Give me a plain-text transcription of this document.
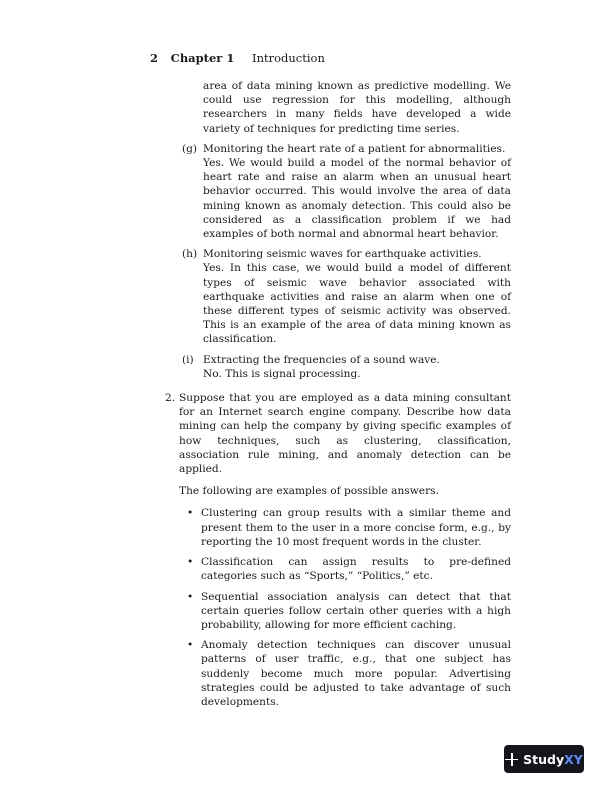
2 Chapter 1 Introduction

area of data mining known as predictive modelling. We could use regression for this modelling, although researchers in many fields have developed a wide variety of techniques for predicting time series.

(g) Monitoring the heart rate of a patient for abnormalities.

Yes. We would build a model of the normal behavior of heart rate and raise an alarm when an unusual heart behavior occurred. This would involve the area of data mining known as anomaly detection. This could also be considered as a classification problem if we had examples of both normal and abnormal heart behavior.

(h) Monitoring seismic waves for earthquake activities.

Yes. In this case, we would build a model of different types of seismic wave behavior associated with earthquake activities and raise an alarm when one of these different types of seismic activity was observed. This is an example of the area of data mining known as classification.

(i) Extracting the frequencies of a sound wave.

No. This is signal processing.

2. Suppose that you are employed as a data mining consultant for an Internet search engine company. Describe how data mining can help the company by giving specific examples of how techniques, such as clustering, classification, association rule mining, and anomaly detection can be applied.

The following are examples of possible answers.

• Clustering can group results with a similar theme and present them to the user in a more concise form, e.g., by reporting the 10 most frequent words in the cluster.
• Classification can assign results to pre-defined categories such as “Sports,” “Politics,” etc.
• Sequential association analysis can detect that that certain queries follow certain other queries with a high probability, allowing for more efficient caching.
• Anomaly detection techniques can discover unusual patterns of user traffic, e.g., that one subject has suddenly become much more popular. Advertising strategies could be adjusted to take advantage of such developments.
Study XY
